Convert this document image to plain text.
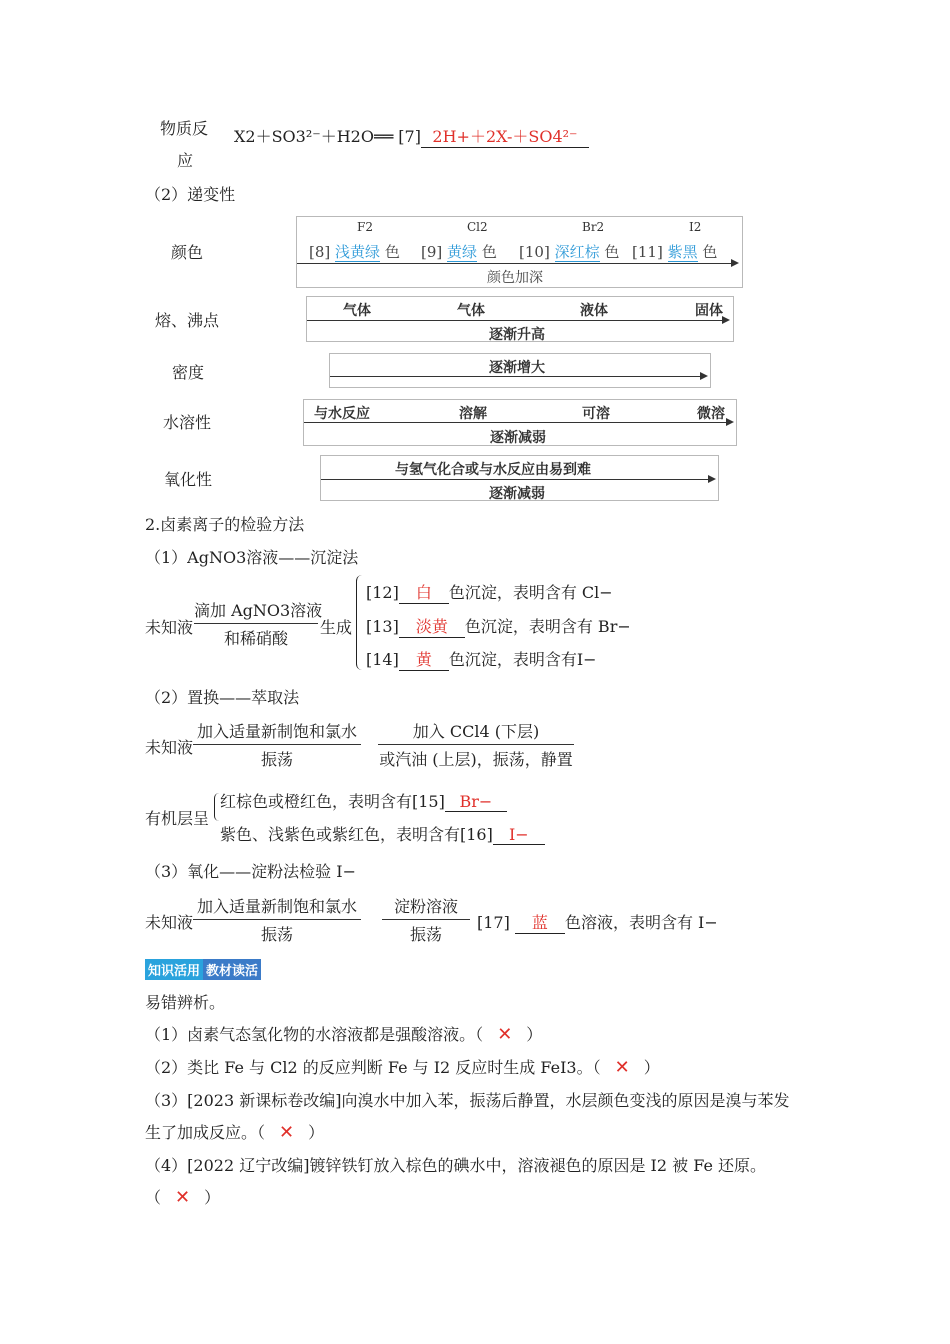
物质反
应
X2＋SO3²⁻＋H2O══ [7] 2H+＋2X-＋SO4²⁻
（2）递变性
颜色
F2	Cl2	Br2	I2
[8] 浅黄绿 色 [9] 黄绿 色 [10] 深红棕 色 [11] 紫黑 色
颜色加深
熔、沸点	气体	气体	液体	固体
逐渐升高
密度	逐渐增大
水溶性	与水反应	溶解	可溶	微溶
逐渐减弱
氧化性	与氢气化合或与水反应由易到难
逐渐减弱
2.卤素离子的检验方法
（1）AgNO3溶液——沉淀法
未知液
滴加 AgNO3溶液
和稀硝酸
生成
[12] 白 色沉淀，表明含有 Cl−
[13] 淡黄 色沉淀，表明含有 Br−
[14] 黄 色沉淀，表明含有I−
（2）置换——萃取法
未知液
加入适量新制饱和氯水
振荡
加入 CCl4 (下层)
或汽油 (上层)，振荡，静置
有机层呈
红棕色或橙红色，表明含有[15] Br−
紫色、浅紫色或紫红色，表明含有[16] I−
（3）氧化——淀粉法检验 I−
未知液
加入适量新制饱和氯水
振荡
淀粉溶液
振荡
[17] 蓝 色溶液，表明含有 I−
知识活用 教材读活
易错辨析。
（1）卤素气态氢化物的水溶液都是强酸溶液。（ ✕ ）
（2）类比 Fe 与 Cl2 的反应判断 Fe 与 I2 反应时生成 FeI3。（ ✕ ）
（3）[2023 新课标卷改编]向溴水中加入苯，振荡后静置，水层颜色变浅的原因是溴与苯发
生了加成反应。（ ✕ ）
（4）[2022 辽宁改编]镀锌铁钉放入棕色的碘水中，溶液褪色的原因是 I2 被 Fe 还原。
（ ✕ ）
